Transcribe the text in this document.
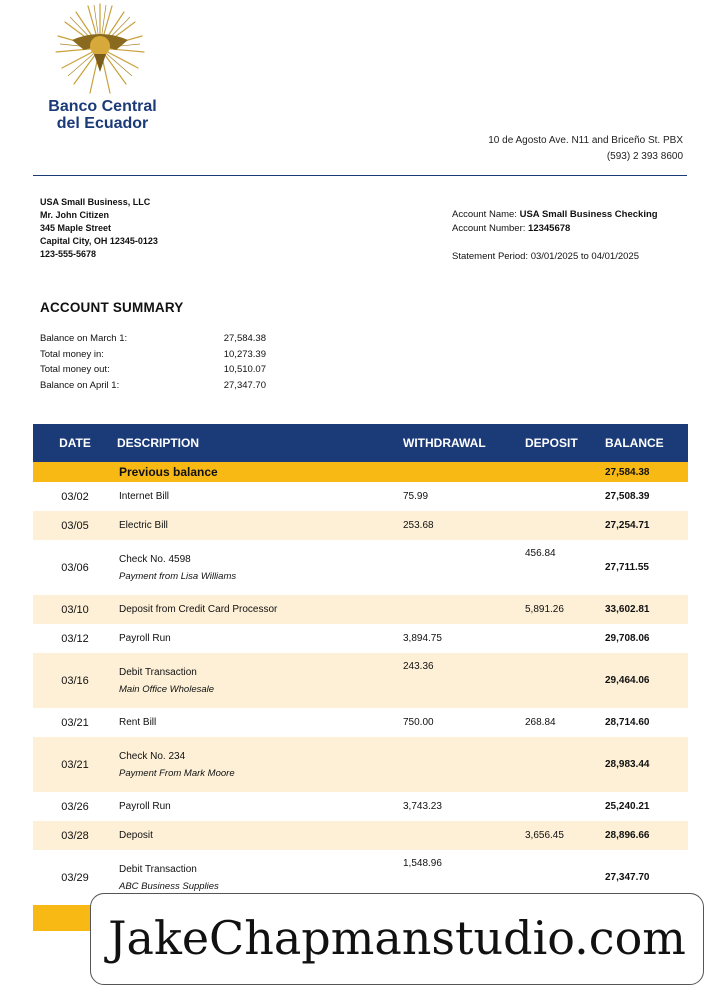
Banco Central
del Ecuador
10 de Agosto Ave. N11 and Briceño St. PBX
(593) 2 393 8600
USA Small Business, LLC
Mr. John Citizen
345 Maple Street
Capital City, OH 12345-0123
123-555-5678
Account Name: USA Small Business Checking
Account Number: 12345678
Statement Period: 03/01/2025 to 04/01/2025
ACCOUNT SUMMARY
Balance on March 1:	27,584.38
Total money in:	10,273.39
Total money out:	10,510.07
Balance on April 1:	27,347.70
DATE	DESCRIPTION	WITHDRAWAL	DEPOSIT	BALANCE
	Previous balance			27,584.38
03/02	Internet Bill	75.99		27,508.39
03/05	Electric Bill	253.68		27,254.71
03/06	Check No. 4598
Payment from Lisa Williams		456.84	27,711.55
03/10	Deposit from Credit Card Processor		5,891.26	33,602.81
03/12	Payroll Run	3,894.75		29,708.06
03/16	Debit Transaction
Main Office Wholesale	243.36		29,464.06
03/21	Rent Bill	750.00	268.84	28,714.60
03/21	Check No. 234
Payment From Mark Moore			28,983.44
03/26	Payroll Run	3,743.23		25,240.21
03/28	Deposit		3,656.45	28,896.66
03/29	Debit Transaction
ABC Business Supplies	1,548.96		27,347.70

JakeChapmanstudio.com
